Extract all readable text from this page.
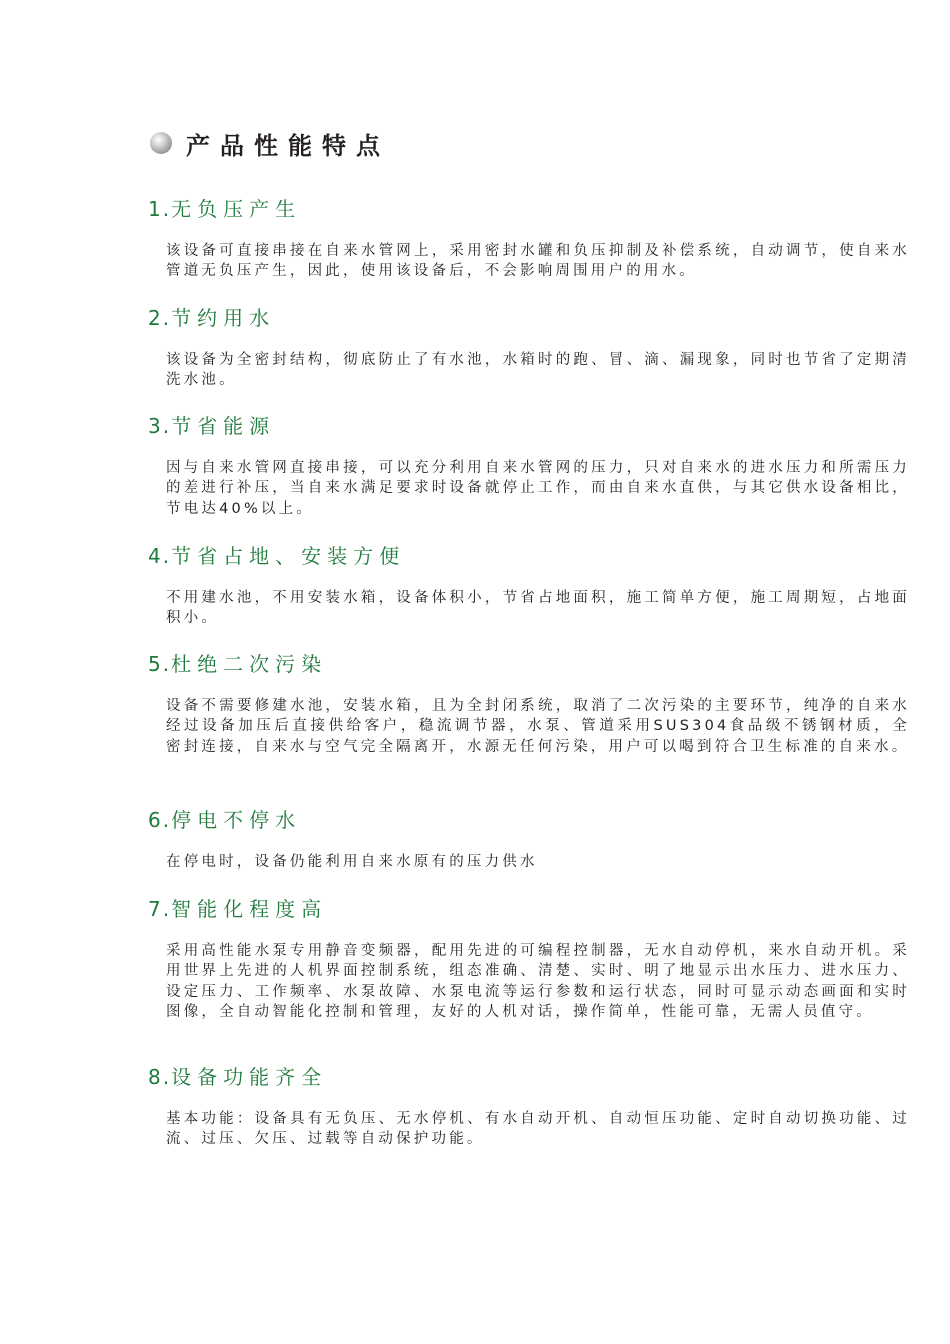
产品性能特点
1.无负压产生
该设备可直接串接在自来水管网上，采用密封水罐和负压抑制及补偿系统，自动调节，使自来水管道无负压产生，因此，使用该设备后，不会影响周围用户的用水。
2.节约用水
该设备为全密封结构，彻底防止了有水池，水箱时的跑、冒、滴、漏现象，同时也节省了定期清洗水池。
3.节省能源
因与自来水管网直接串接，可以充分利用自来水管网的压力，只对自来水的进水压力和所需压力的差进行补压，当自来水满足要求时设备就停止工作，而由自来水直供，与其它供水设备相比，节电达40%以上。
4.节省占地、安装方便
不用建水池，不用安装水箱，设备体积小，节省占地面积，施工简单方便，施工周期短，占地面积小。
5.杜绝二次污染
设备不需要修建水池，安装水箱，且为全封闭系统，取消了二次污染的主要环节，纯净的自来水经过设备加压后直接供给客户，稳流调节器，水泵、管道采用SUS304食品级不锈钢材质，全密封连接，自来水与空气完全隔离开，水源无任何污染，用户可以喝到符合卫生标准的自来水。
6.停电不停水
在停电时，设备仍能利用自来水原有的压力供水
7.智能化程度高
采用高性能水泵专用静音变频器，配用先进的可编程控制器，无水自动停机，来水自动开机。采用世界上先进的人机界面控制系统，组态准确、清楚、实时、明了地显示出水压力、进水压力、设定压力、工作频率、水泵故障、水泵电流等运行参数和运行状态，同时可显示动态画面和实时图像，全自动智能化控制和管理，友好的人机对话，操作简单，性能可靠，无需人员值守。
8.设备功能齐全
基本功能：设备具有无负压、无水停机、有水自动开机、自动恒压功能、定时自动切换功能、过流、过压、欠压、过载等自动保护功能。
